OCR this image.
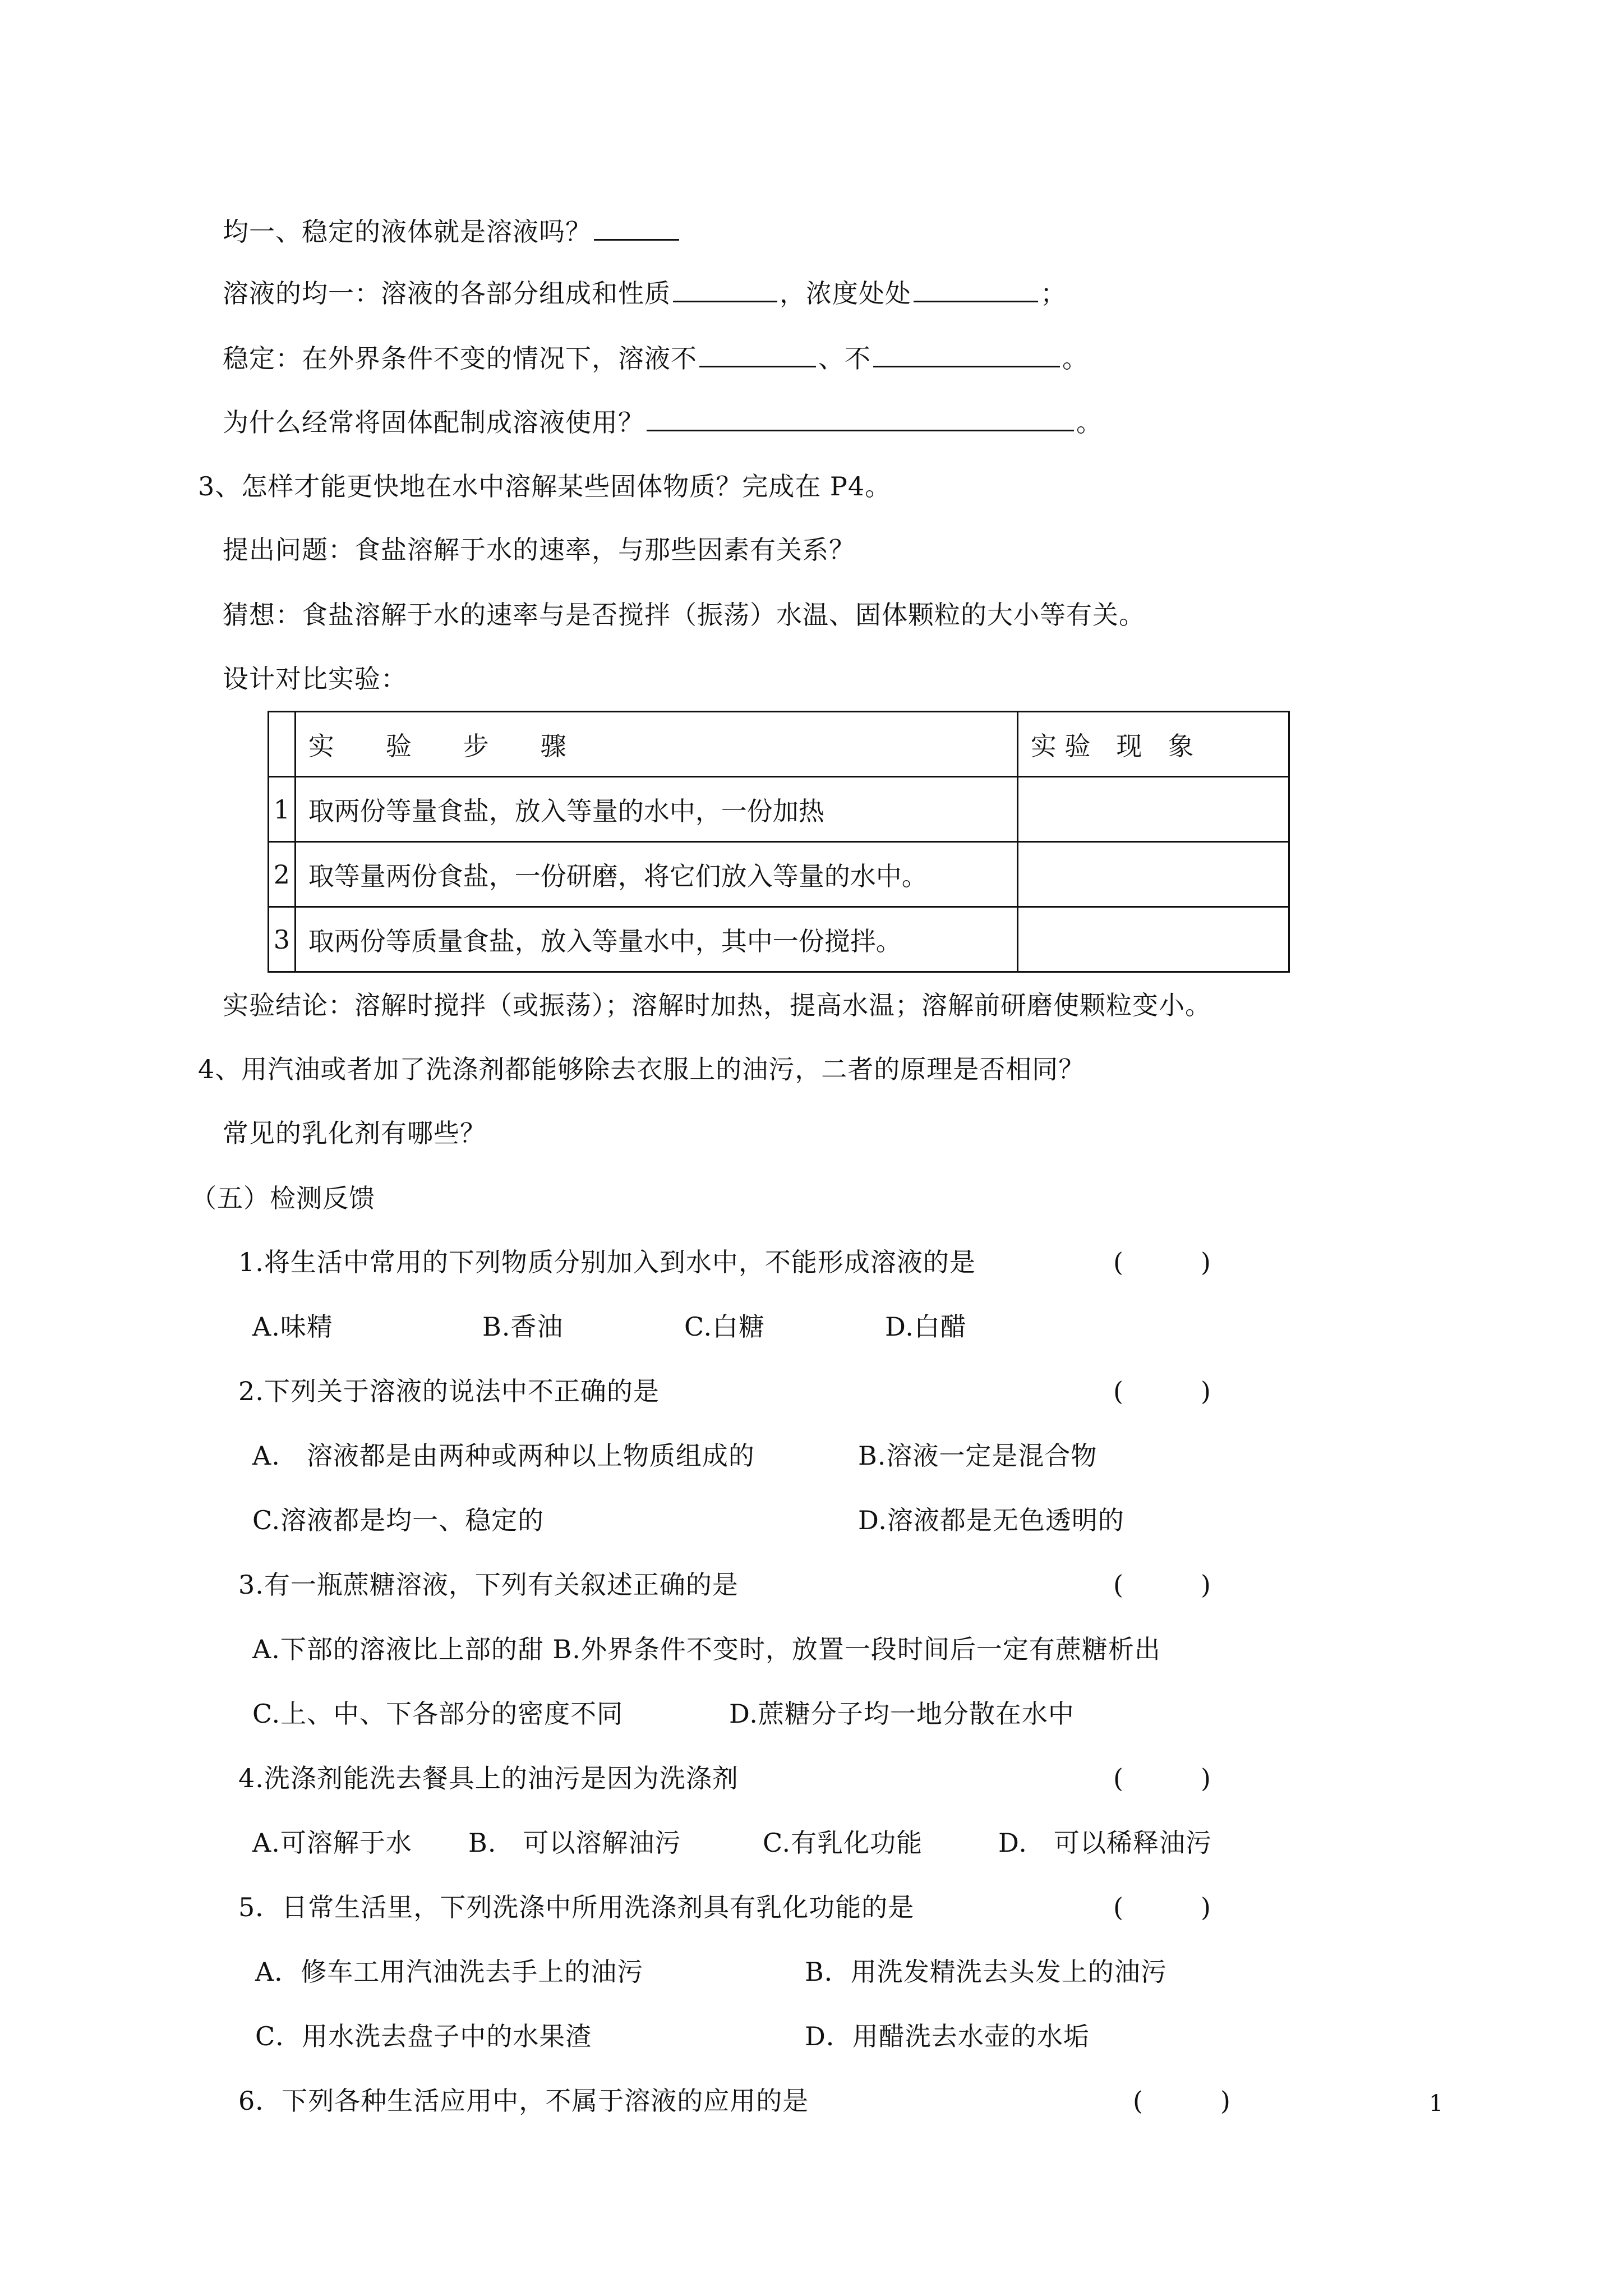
均一、稳定的液体就是溶液吗？
溶液的均一：溶液的各部分组成和性质	，浓度处处	；
稳定：在外界条件不变的情况下，溶液不	、不	。
为什么经常将固体配制成溶液使用？	。
3、怎样才能更快地在水中溶解某些固体物质？完成在 P4。
提出问题：食盐溶解于水的速率，与那些因素有关系？
猜想：食盐溶解于水的速率与是否搅拌（振荡）水温、固体颗粒的大小等有关。
设计对比实验：
	实　　验　　步　　骤	实 验　现　象
1	取两份等量食盐，放入等量的水中，一份加热	
2	取等量两份食盐，一份研磨，将它们放入等量的水中。	
3	取两份等质量食盐，放入等量水中，其中一份搅拌。	
实验结论：溶解时搅拌（或振荡）；溶解时加热，提高水温；溶解前研磨使颗粒变小。
4、用汽油或者加了洗涤剂都能够除去衣服上的油污，二者的原理是否相同？
常见的乳化剂有哪些？
（五）检测反馈
1.将生活中常用的下列物质分别加入到水中，不能形成溶液的是	(　　　)
A.味精	B.香油	C.白糖	D.白醋
2.下列关于溶液的说法中不正确的是	(　　　)
A.　溶液都是由两种或两种以上物质组成的	B.溶液一定是混合物
C.溶液都是均一、稳定的	D.溶液都是无色透明的
3.有一瓶蔗糖溶液，下列有关叙述正确的是	(　　　)
A.下部的溶液比上部的甜 B.外界条件不变时，放置一段时间后一定有蔗糖析出
C.上、中、下各部分的密度不同	D.蔗糖分子均一地分散在水中
4.洗涤剂能洗去餐具上的油污是因为洗涤剂	(　　　)
A.可溶解于水 B.　可以溶解油污	C.有乳化功能	D.　可以稀释油污
5．日常生活里，下列洗涤中所用洗涤剂具有乳化功能的是	(　　　)
A．修车工用汽油洗去手上的油污	B．用洗发精洗去头发上的油污
C．用水洗去盘子中的水果渣	D．用醋洗去水壶的水垢
6．下列各种生活应用中，不属于溶液的应用的是	(　　　)	1
